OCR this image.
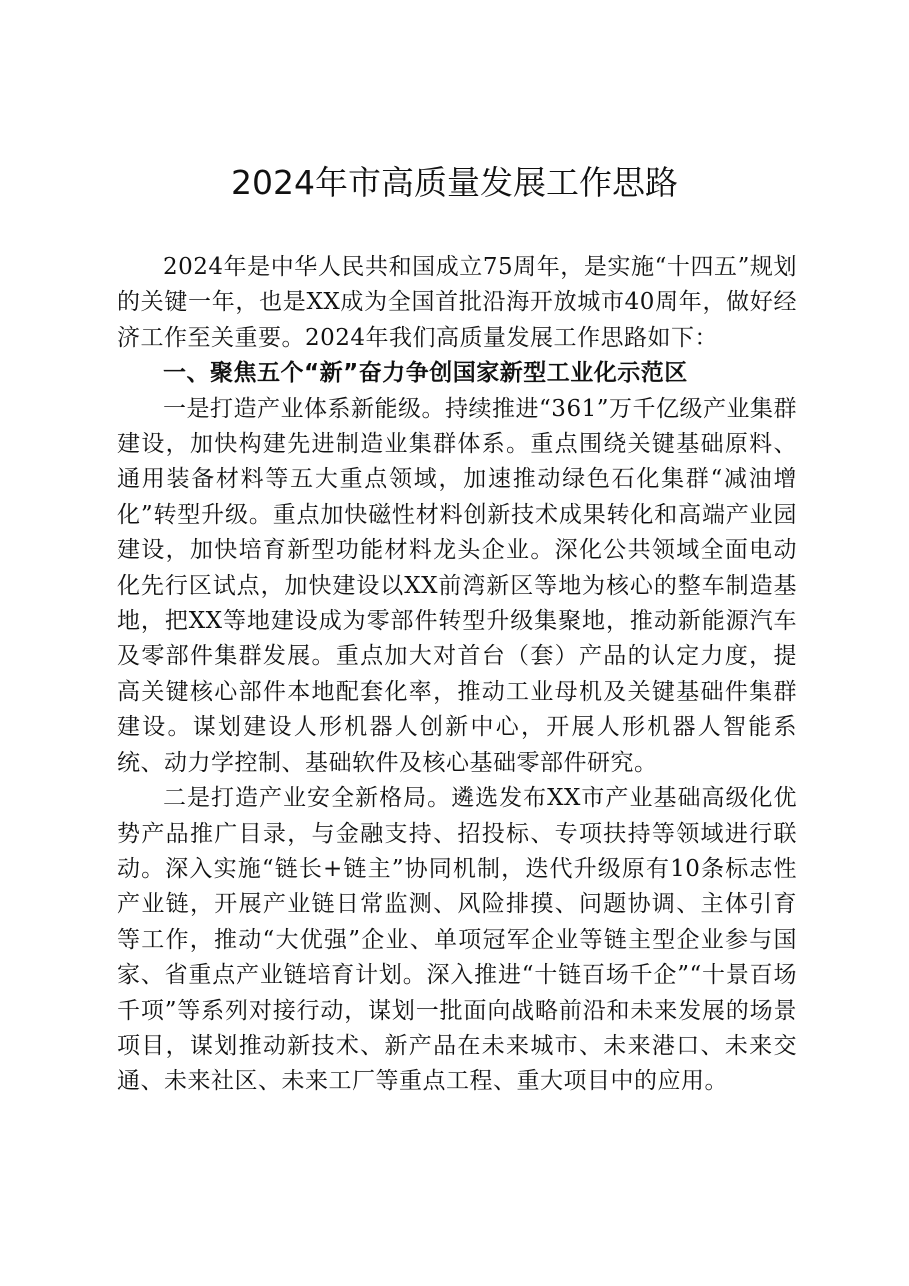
2024年市高质量发展工作思路

2024年是中华人民共和国成立75周年，是实施“十四五”规划的关键一年，也是XX成为全国首批沿海开放城市40周年，做好经济工作至关重要。2024年我们高质量发展工作思路如下：

一、聚焦五个“新”奋力争创国家新型工业化示范区

一是打造产业体系新能级。持续推进“361”万千亿级产业集群建设，加快构建先进制造业集群体系。重点围绕关键基础原料、通用装备材料等五大重点领域，加速推动绿色石化集群“减油增化”转型升级。重点加快磁性材料创新技术成果转化和高端产业园建设，加快培育新型功能材料龙头企业。深化公共领域全面电动化先行区试点，加快建设以XX前湾新区等地为核心的整车制造基地，把XX等地建设成为零部件转型升级集聚地，推动新能源汽车及零部件集群发展。重点加大对首台（套）产品的认定力度，提高关键核心部件本地配套化率，推动工业母机及关键基础件集群建设。谋划建设人形机器人创新中心，开展人形机器人智能系统、动力学控制、基础软件及核心基础零部件研究。

二是打造产业安全新格局。遴选发布XX市产业基础高级化优势产品推广目录，与金融支持、招投标、专项扶持等领域进行联动。深入实施“链长+链主”协同机制，迭代升级原有10条标志性产业链，开展产业链日常监测、风险排摸、问题协调、主体引育等工作，推动“大优强”企业、单项冠军企业等链主型企业参与国家、省重点产业链培育计划。深入推进“十链百场千企”“十景百场千项”等系列对接行动，谋划一批面向战略前沿和未来发展的场景项目，谋划推动新技术、新产品在未来城市、未来港口、未来交通、未来社区、未来工厂等重点工程、重大项目中的应用。
